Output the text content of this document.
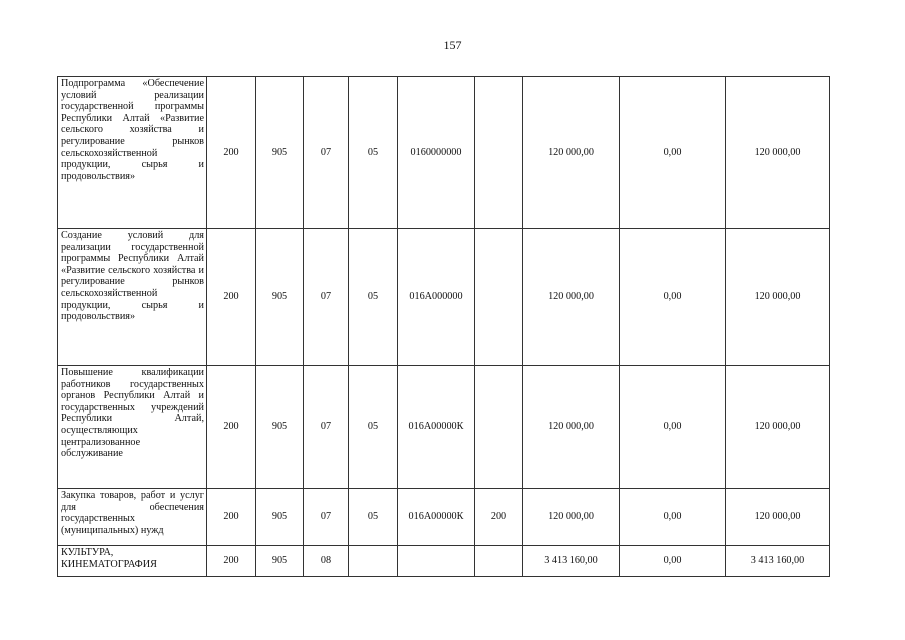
157
Подпрограмма «Обеспечение условий реализации государственной программы Республики Алтай «Развитие сельского хозяйства и регулирование рынков сельскохозяйственной продукции, сырья и продовольствия»	200	905	07	05	0160000000		120 000,00	0,00	120 000,00
Создание условий для реализации государственной программы Республики Алтай «Развитие сельского хозяйства и регулирование рынков сельскохозяйственной продукции, сырья и продовольствия»	200	905	07	05	016А000000		120 000,00	0,00	120 000,00
Повышение квалификации работников государственных органов Республики Алтай и государственных учреждений Республики Алтай, осуществляющих централизованное обслуживание	200	905	07	05	016А00000К		120 000,00	0,00	120 000,00
Закупка товаров, работ и услуг для обеспечения государственных (муниципальных) нужд	200	905	07	05	016А00000К	200	120 000,00	0,00	120 000,00
КУЛЬТУРА, КИНЕМАТОГРАФИЯ	200	905	08				3 413 160,00	0,00	3 413 160,00
